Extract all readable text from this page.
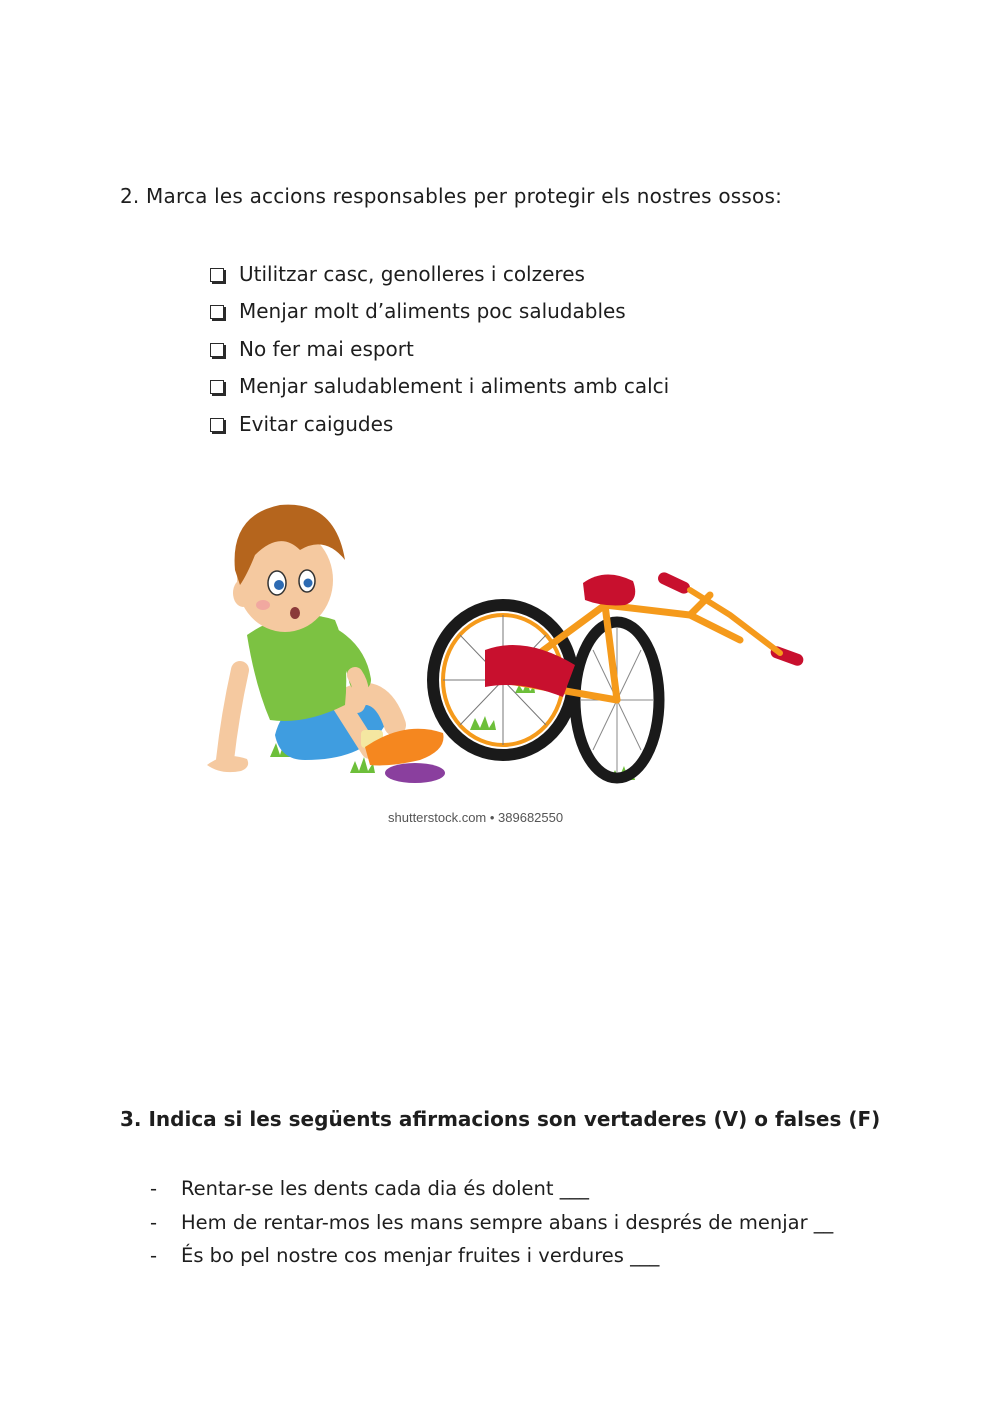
2. Marca les accions responsables per protegir els nostres ossos:
Utilitzar casc, genolleres i colzeres
Menjar molt d’aliments poc saludables
No fer mai esport
Menjar saludablement i aliments amb calci
Evitar caigudes
shutterstock.com • 389682550
3. Indica si les següents afirmacions son vertaderes (V) o falses (F)
-	Rentar-se les dents cada dia és dolent ___
-	Hem de rentar-mos les mans sempre abans i després de menjar __
-	És bo pel nostre cos menjar fruites i verdures ___
